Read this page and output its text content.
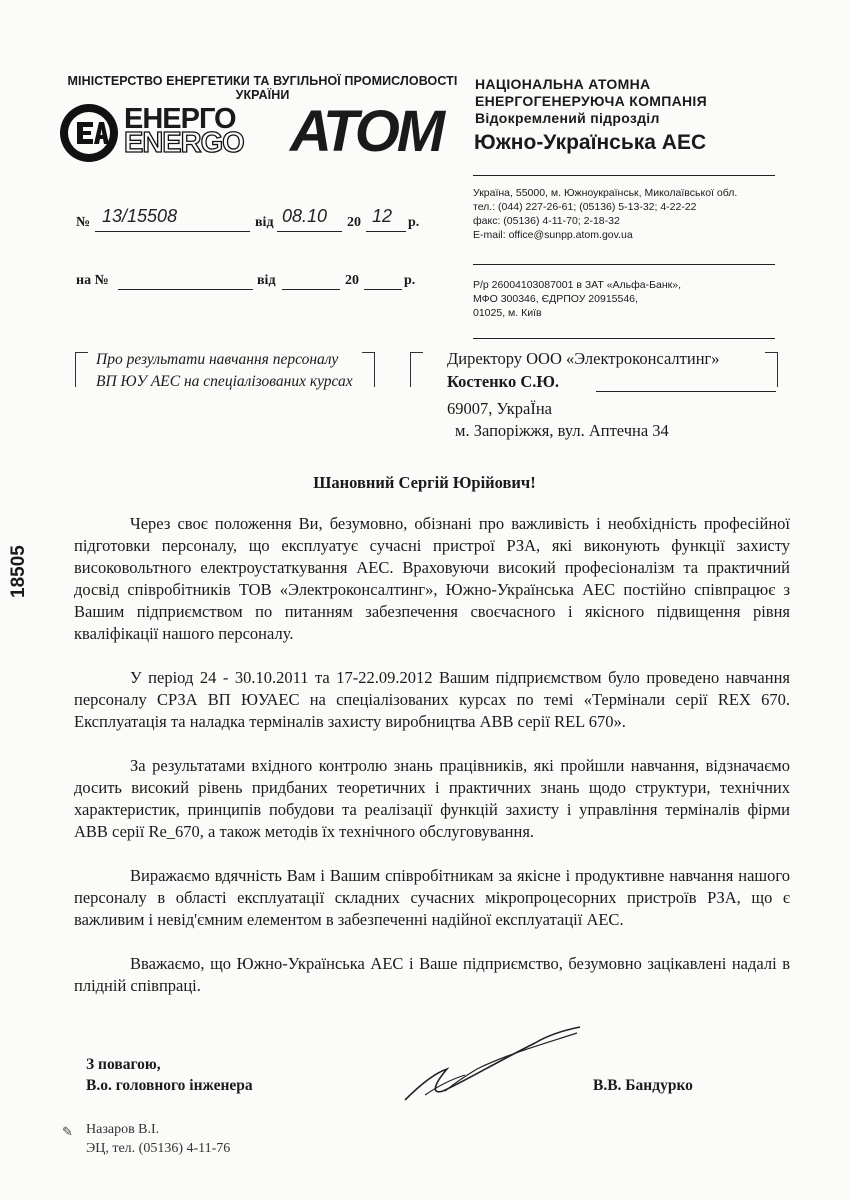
МІНІСТЕРСТВО ЕНЕРГЕТИКИ ТА ВУГІЛЬНОЇ ПРОМИСЛОВОСТІ УКРАЇНИ
ЕНЕРГО
ENERGO АТОМ
НАЦІОНАЛЬНА АТОМНА
ЕНЕРГОГЕНЕРУЮЧА КОМПАНІЯ
Відокремлений підрозділ
Южно-Українська АЕС
Україна, 55000, м. Южноукраїнськ, Миколаївської обл.
тел.: (044) 227-26-61; (05136) 5-13-32; 4-22-22
факс: (05136) 4-11-70; 2-18-32
E-mail: office@sunpp.atom.gov.ua
Р/р 26004103087001 в ЗАТ «Альфа-Банк»,
МФО 300346, ЄДРПОУ 20915546,
01025, м. Київ
№ 13/15508	від 08.10 20 12 р.
на №	від	20	р.
Про результати навчання персоналу ВП ЮУ АЕС на спеціалізованих курсах
Директору ООО «Электроконсалтинг»
Костенко С.Ю.
69007, УкраЇна
м. Запоріжжя, вул. Аптечна 34
18505
Шановний Сергій Юрійович!
Через своє положення Ви, безумовно, обізнані про важливість і необхідність професійної підготовки персоналу, що експлуатує сучасні пристрої РЗА, які виконують функції захисту високовольтного електроустаткування АЕС. Враховуючи високий професіоналізм та практичний досвід співробітників ТОВ «Электроконсалтинг», Южно-Українська АЕС постійно співпрацює з Вашим підприємством по питанням забезпечення своєчасного і якісного підвищення рівня кваліфікації нашого персоналу.
У період 24 - 30.10.2011 та 17-22.09.2012 Вашим підприємством було проведено навчання персоналу СРЗА ВП ЮУАЕС на спеціалізованих курсах по темі «Термінали серії REX 670. Експлуатація та наладка терміналів захисту виробництва ABB серії REL 670».
За результатами вхідного контролю знань працівників, які пройшли навчання, відзначаємо досить високий рівень придбаних теоретичних і практичних знань щодо структури, технічних характеристик, принципів побудови та реалізації функцій захисту і управління терміналів фірми ABB серії Re_670, а також методів їх технічного обслуговування.
Виражаємо вдячність Вам і Вашим співробітникам за якісне і продуктивне навчання нашого персоналу в області експлуатації складних сучасних мікропроцесорних пристроїв РЗА, що є важливим і невід'ємним елементом в забезпеченні надійної експлуатації АЕС.
Вважаємо, що Южно-Українська АЕС і Ваше підприємство, безумовно зацікавлені надалі в плідній співпраці.
З повагою,
В.о. головного інженера	В.В. Бандурко
✎ Назаров В.І.
ЭЦ, тел. (05136) 4-11-76
